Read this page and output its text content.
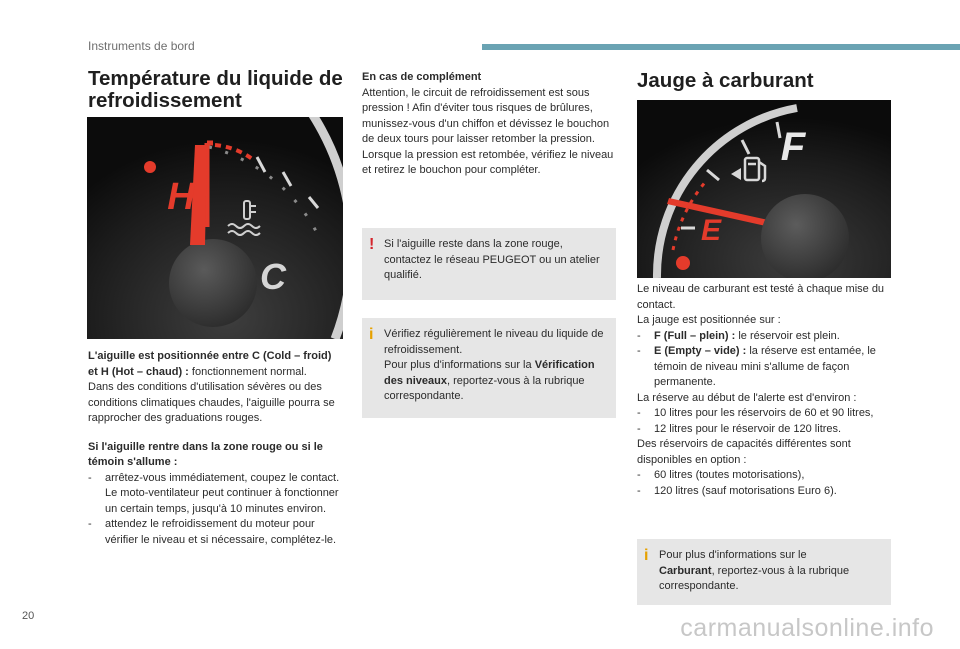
Instruments de bord
Température du liquide de refroidissement
H
C

L'aiguille est positionnée entre C (Cold – froid) et H (Hot – chaud) : fonctionnement normal.

Dans des conditions d'utilisation sévères ou des conditions climatiques chaudes, l'aiguille pourra se rapprocher des graduations rouges.

Si l'aiguille rentre dans la zone rouge ou si le témoin s'allume :

- arrêtez-vous immédiatement, coupez le contact. Le moto-ventilateur peut continuer à fonctionner un certain temps, jusqu'à 10 minutes environ.
- attendez le refroidissement du moteur pour vérifier le niveau et si nécessaire, complétez-le.

En cas de complément

Attention, le circuit de refroidissement est sous pression ! Afin d'éviter tous risques de brûlures, munissez-vous d'un chiffon et dévissez le bouchon de deux tours pour laisser retomber la pression. Lorsque la pression est retombée, vérifiez le niveau et retirez le bouchon pour compléter.

! Si l'aiguille reste dans la zone rouge, contactez le réseau PEUGEOT ou un atelier qualifié.
i Vérifiez régulièrement le niveau du liquide de refroidissement.
Pour plus d'informations sur la Vérification des niveaux, reportez-vous à la rubrique correspondante.
Jauge à carburant
F
E

Le niveau de carburant est testé à chaque mise du contact.

La jauge est positionnée sur :

- F (Full – plein) : le réservoir est plein.
- E (Empty – vide) : la réserve est entamée, le témoin de niveau mini s'allume de façon permanente.

La réserve au début de l'alerte est d'environ :

- 10 litres pour les réservoirs de 60 et 90 litres,
- 12 litres pour le réservoir de 120 litres.

Des réservoirs de capacités différentes sont disponibles en option :

- 60 litres (toutes motorisations),
- 120 litres (sauf motorisations Euro 6).
i Pour plus d'informations sur le
Carburant, reportez-vous à la rubrique correspondante.
20	carmanualsonline.info
